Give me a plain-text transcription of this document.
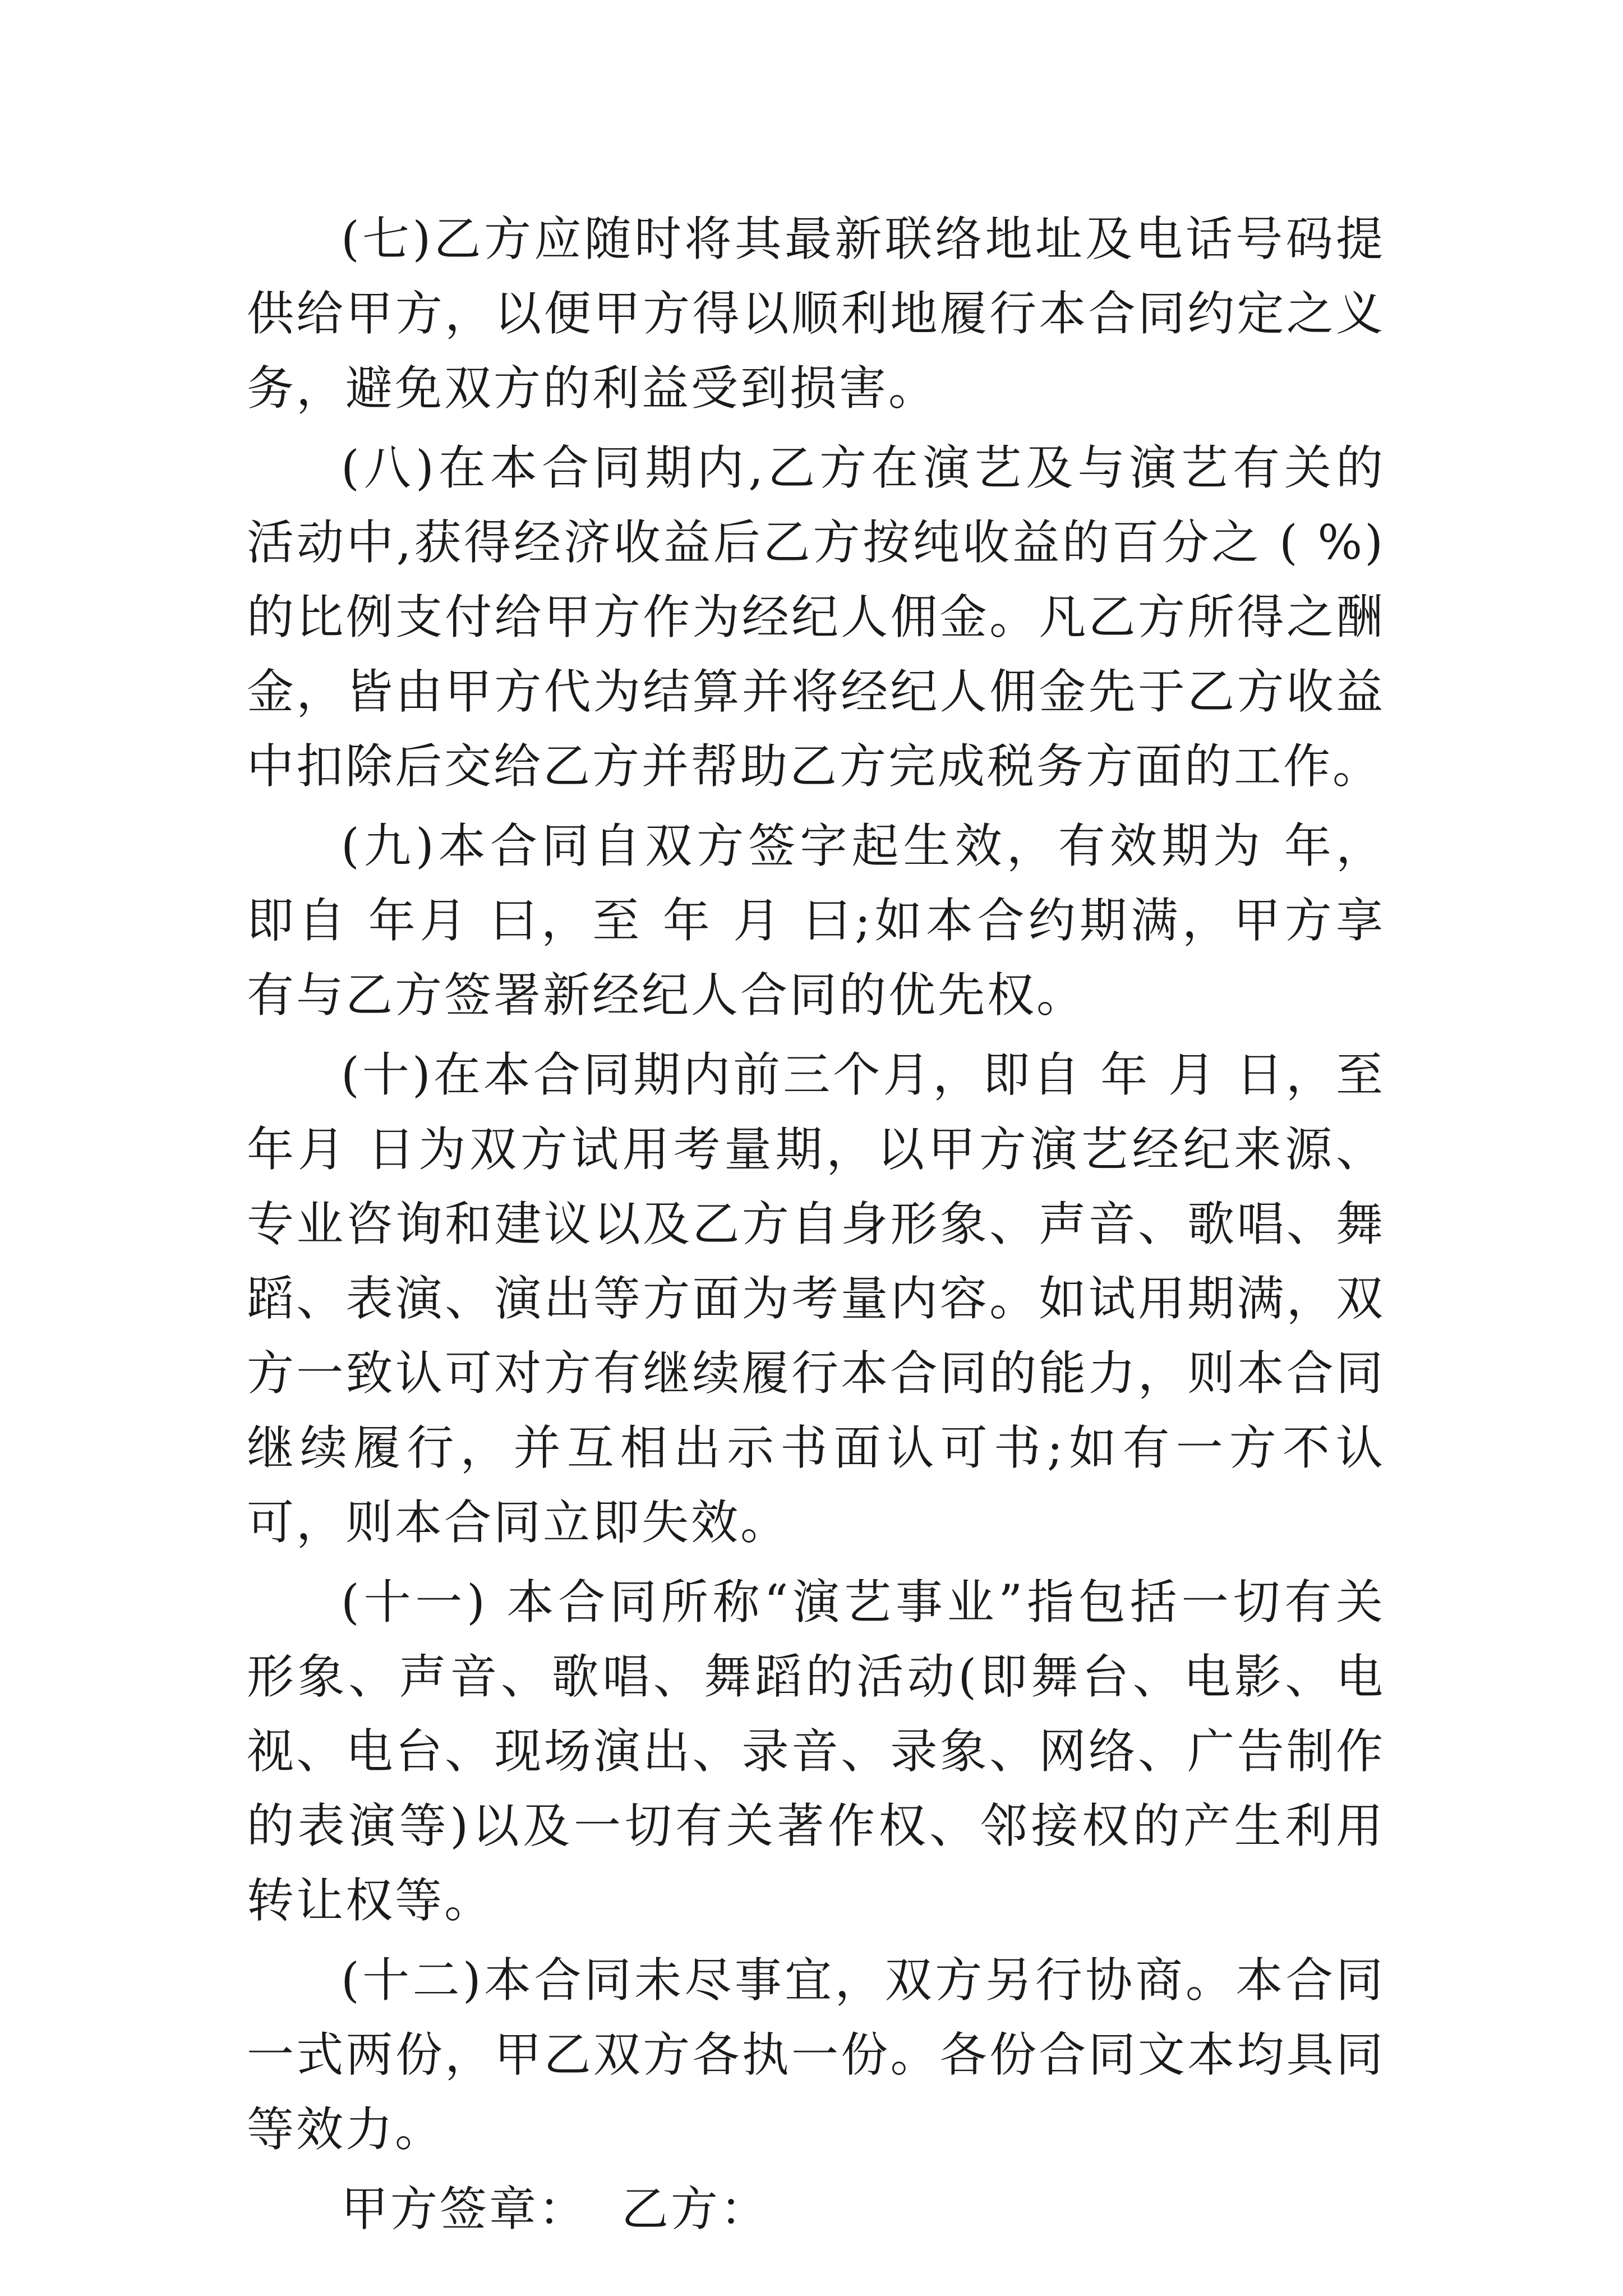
(七)乙方应随时将其最新联络地址及电话号码提供给甲方，以便甲方得以顺利地履行本合同约定之义务，避免双方的利益受到损害。

(八)在本合同期内,乙方在演艺及与演艺有关的活动中,获得经济收益后乙方按纯收益的百分之 ( %)的比例支付给甲方作为经纪人佣金。凡乙方所得之酬金，皆由甲方代为结算并将经纪人佣金先于乙方收益中扣除后交给乙方并帮助乙方完成税务方面的工作。

(九)本合同自双方签字起生效，有效期为 年，即自 年月 曰，至 年 月 曰;如本合约期满，甲方享有与乙方签署新经纪人合同的优先权。

(十)在本合同期内前三个月，即自 年 月 日，至 年月 日为双方试用考量期，以甲方演艺经纪来源、专业咨询和建议以及乙方自身形象、声音、歌唱、舞蹈、表演、演出等方面为考量内容。如试用期满，双方一致认可对方有继续履行本合同的能力，则本合同继续履行，并互相出示书面认可书;如有一方不认可，则本合同立即失效。

(十一) 本合同所称“演艺事业”指包括一切有关形象、声音、歌唱、舞蹈的活动(即舞台、电影、电视、电台、现场演出、录音、录象、网络、广告制作的表演等)以及一切有关著作权、邻接权的产生利用转让权等。

(十二)本合同未尽事宜，双方另行协商。本合同一式两份，甲乙双方各执一份。各份合同文本均具同等效力。

甲方签章： 乙方：
